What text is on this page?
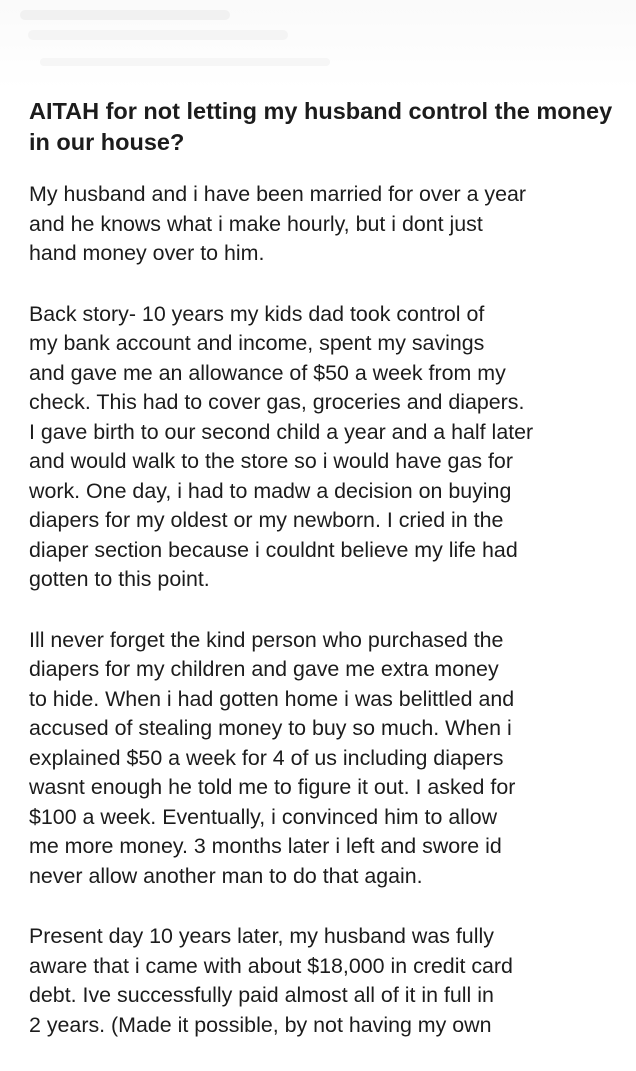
AITAH for not letting my husband control the money in our house?

My husband and i have been married for over a year
and he knows what i make hourly, but i dont just
hand money over to him.

Back story- 10 years my kids dad took control of
my bank account and income, spent my savings
and gave me an allowance of $50 a week from my
check. This had to cover gas, groceries and diapers.
I gave birth to our second child a year and a half later
and would walk to the store so i would have gas for
work. One day, i had to madw a decision on buying
diapers for my oldest or my newborn. I cried in the
diaper section because i couldnt believe my life had
gotten to this point.

Ill never forget the kind person who purchased the
diapers for my children and gave me extra money
to hide. When i had gotten home i was belittled and
accused of stealing money to buy so much. When i
explained $50 a week for 4 of us including diapers
wasnt enough he told me to figure it out. I asked for
$100 a week. Eventually, i convinced him to allow
me more money. 3 months later i left and swore id
never allow another man to do that again.

Present day 10 years later, my husband was fully
aware that i came with about $18,000 in credit card
debt. Ive successfully paid almost all of it in full in
2 years. (Made it possible, by not having my own
